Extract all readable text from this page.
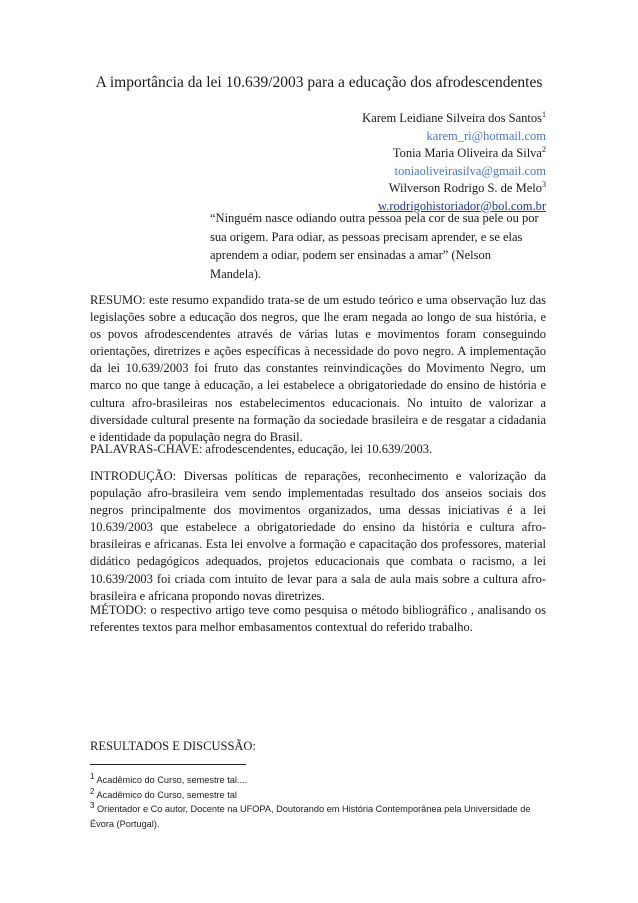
A importância da lei 10.639/2003 para a educação dos afrodescendentes
Karem Leidiane Silveira dos Santos$^1$
karem_ri@hotmail.com
Tonia Maria Oliveira da Silva$^2$
toniaoliveirasilva@gmail.com
Wilverson Rodrigo S. de Melo$^3$
w.rodrigohistoriador@bol.com.br
“Ninguém nasce odiando outra pessoa pela cor de sua pele ou por sua origem. Para odiar, as pessoas precisam aprender, e se elas aprendem a odiar, podem ser ensinadas a amar” (Nelson Mandela).
RESUMO: este resumo expandido trata-se de um estudo teórico e uma observação luz das legislações sobre a educação dos negros, que lhe eram negada ao longo de sua história, e os povos afrodescendentes através de várias lutas e movimentos foram conseguindo orientações, diretrizes e ações específicas à necessidade do povo negro. A implementação da lei 10.639/2003 foi fruto das constantes reinvindicações do Movimento Negro, um marco no que tange à educação, a lei estabelece a obrigatoriedade do ensino de história e cultura afro-brasileiras nos estabelecimentos educacionais. No intuito de valorizar a diversidade cultural presente na formação da sociedade brasileira e de resgatar a cidadania e identidade da população negra do Brasil.
PALAVRAS-CHAVE: afrodescendentes, educação, lei 10.639/2003.
INTRODUÇÃO: Diversas políticas de reparações, reconhecimento e valorização da população afro-brasileira vem sendo implementadas resultado dos anseios sociais dos negros principalmente dos movimentos organizados, uma dessas iniciativas é a lei 10.639/2003 que estabelece a obrigatoriedade do ensino da história e cultura afro-brasileiras e africanas. Esta lei envolve a formação e capacitação dos professores, material didático pedagógicos adequados, projetos educacionais que combata o racismo, a lei 10.639/2003 foi criada com intuito de levar para a sala de aula mais sobre a cultura afro-brasileira e africana propondo novas diretrizes.
MÉTODO: o respectivo artigo teve como pesquisa o método bibliográfico , analisando os referentes textos para melhor embasamentos contextual do referido trabalho.
RESULTADOS E DISCUSSÃO:
$^1$ Acadêmico do Curso, semestre tal....
$^2$ Acadêmico do Curso, semestre tal
$^3$ Orientador e Co autor, Docente na UFOPA, Doutorando em História Contemporânea pela Universidade de Évora (Portugal).
